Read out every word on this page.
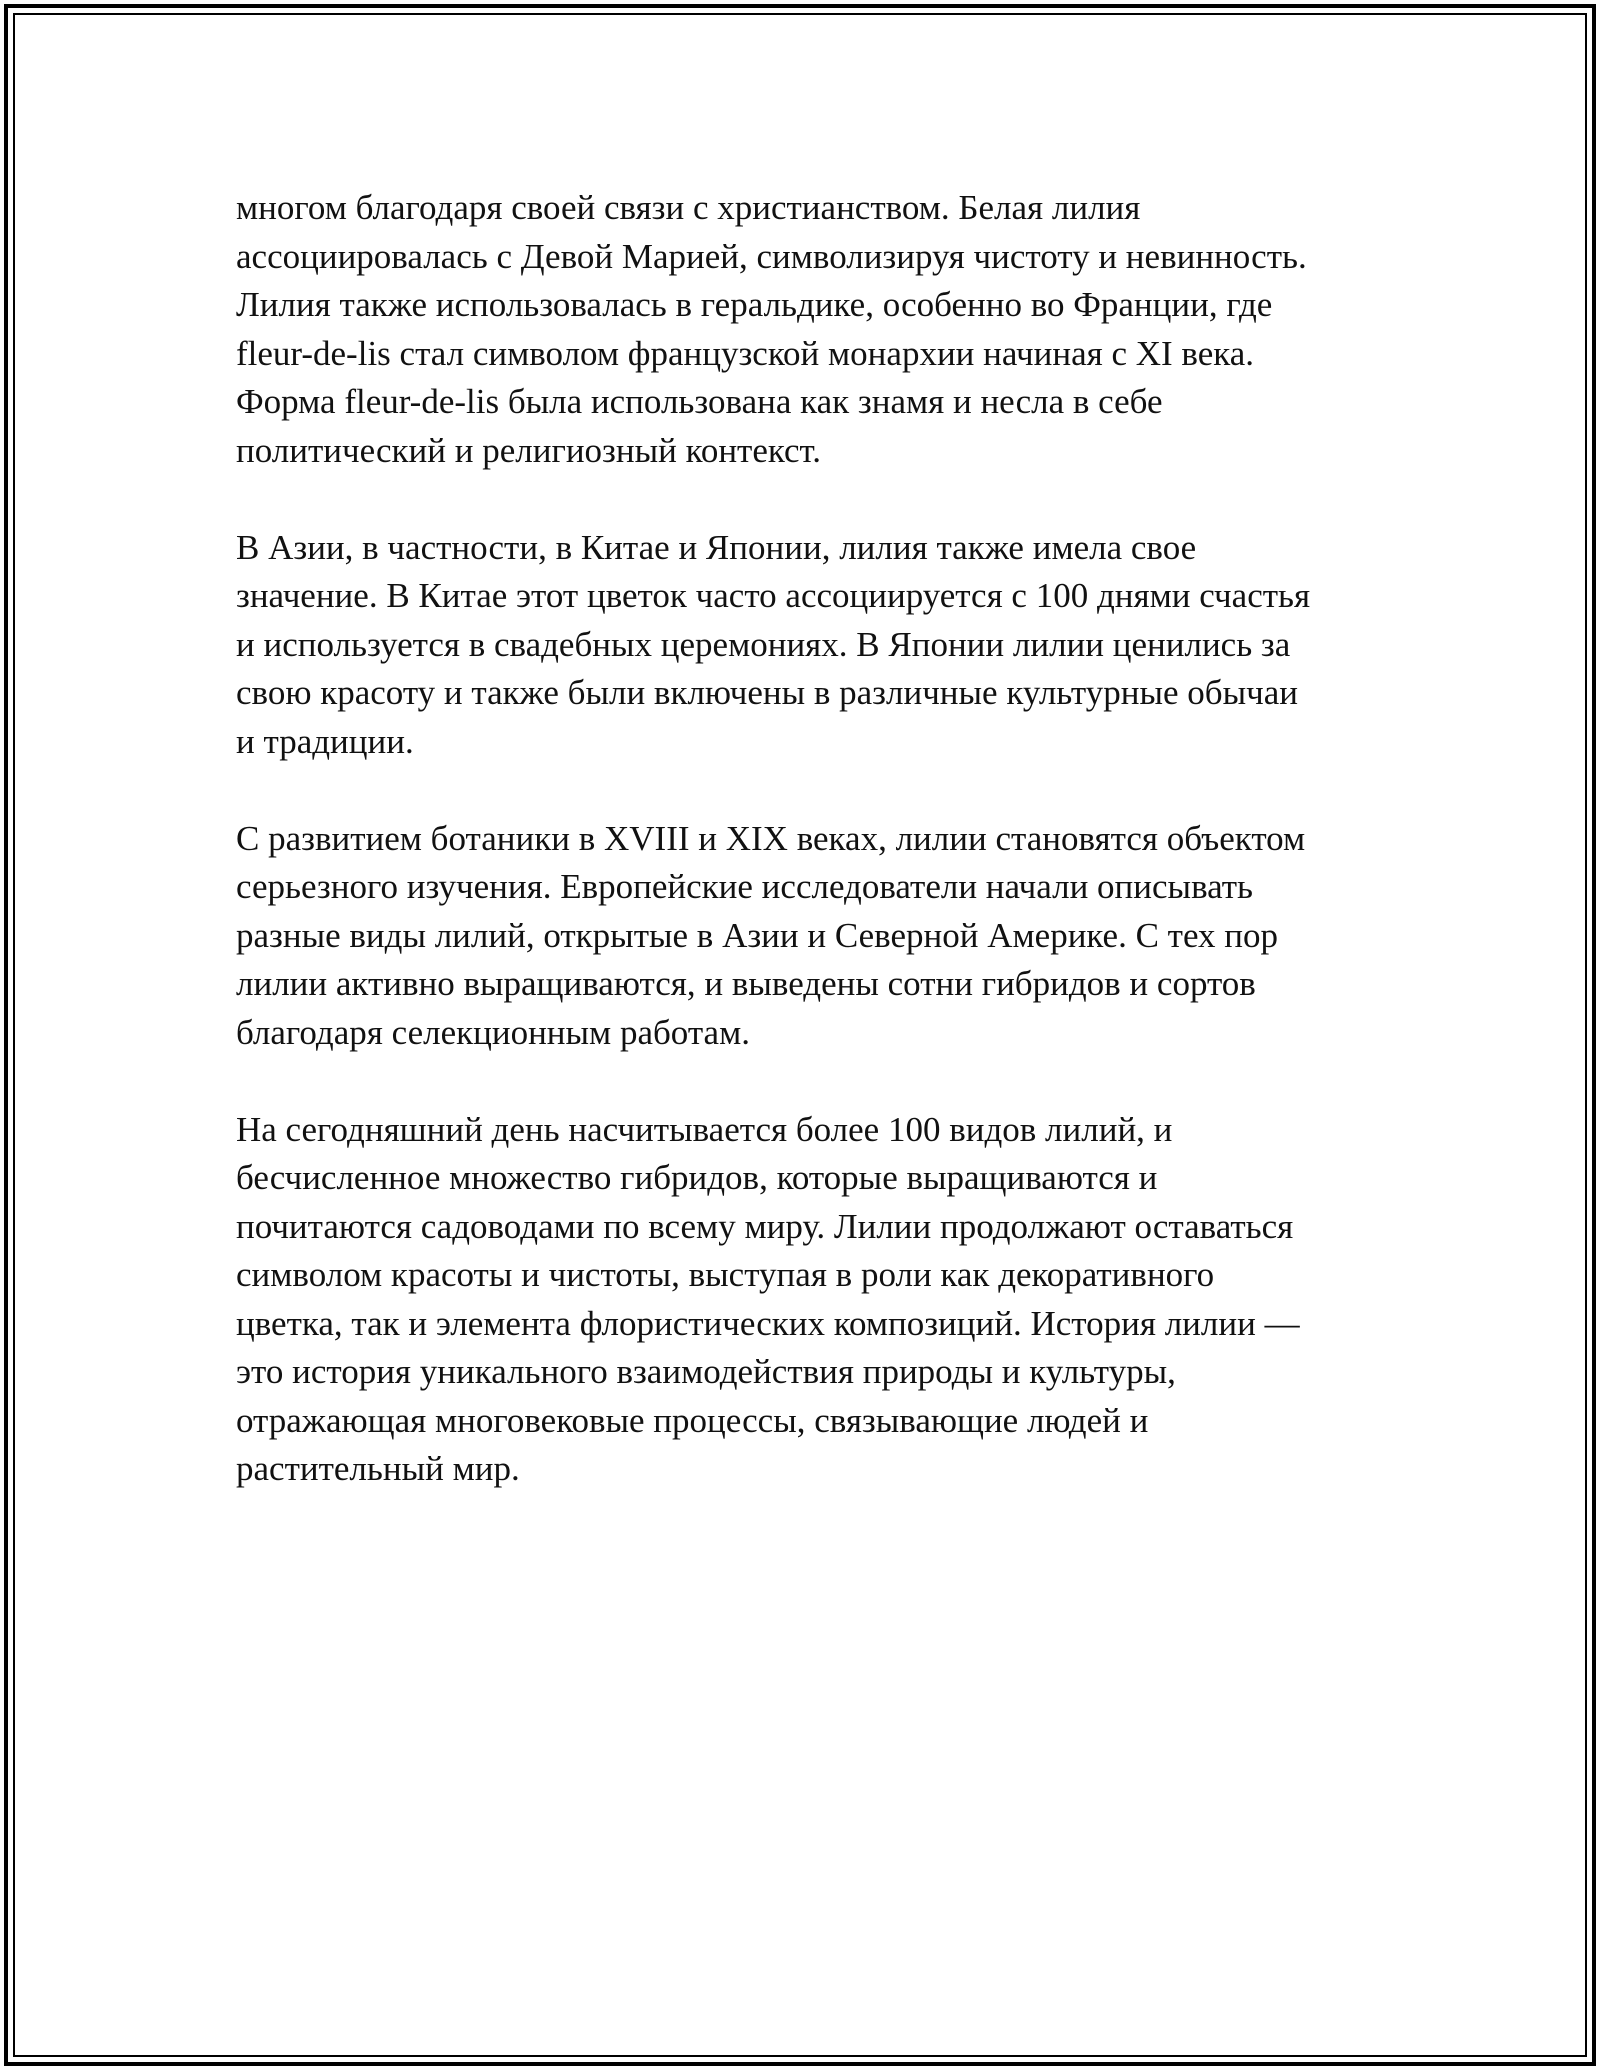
многом благодаря своей связи с христианством. Белая лилия
ассоциировалась с Девой Марией, символизируя чистоту и невинность.
Лилия также использовалась в геральдике, особенно во Франции, где
fleur-de-lis стал символом французской монархии начиная с XI века.
Форма fleur-de-lis была использована как знамя и несла в себе
политический и религиозный контекст.

В Азии, в частности, в Китае и Японии, лилия также имела свое
значение. В Китае этот цветок часто ассоциируется с 100 днями счастья
и используется в свадебных церемониях. В Японии лилии ценились за
свою красоту и также были включены в различные культурные обычаи
и традиции.

С развитием ботаники в XVIII и XIX веках, лилии становятся объектом
серьезного изучения. Европейские исследователи начали описывать
разные виды лилий, открытые в Азии и Северной Америке. С тех пор
лилии активно выращиваются, и выведены сотни гибридов и сортов
благодаря селекционным работам.

На сегодняшний день насчитывается более 100 видов лилий, и
бесчисленное множество гибридов, которые выращиваются и
почитаются садоводами по всему миру. Лилии продолжают оставаться
символом красоты и чистоты, выступая в роли как декоративного
цветка, так и элемента флористических композиций. История лилии —
это история уникального взаимодействия природы и культуры,
отражающая многовековые процессы, связывающие людей и
растительный мир.
